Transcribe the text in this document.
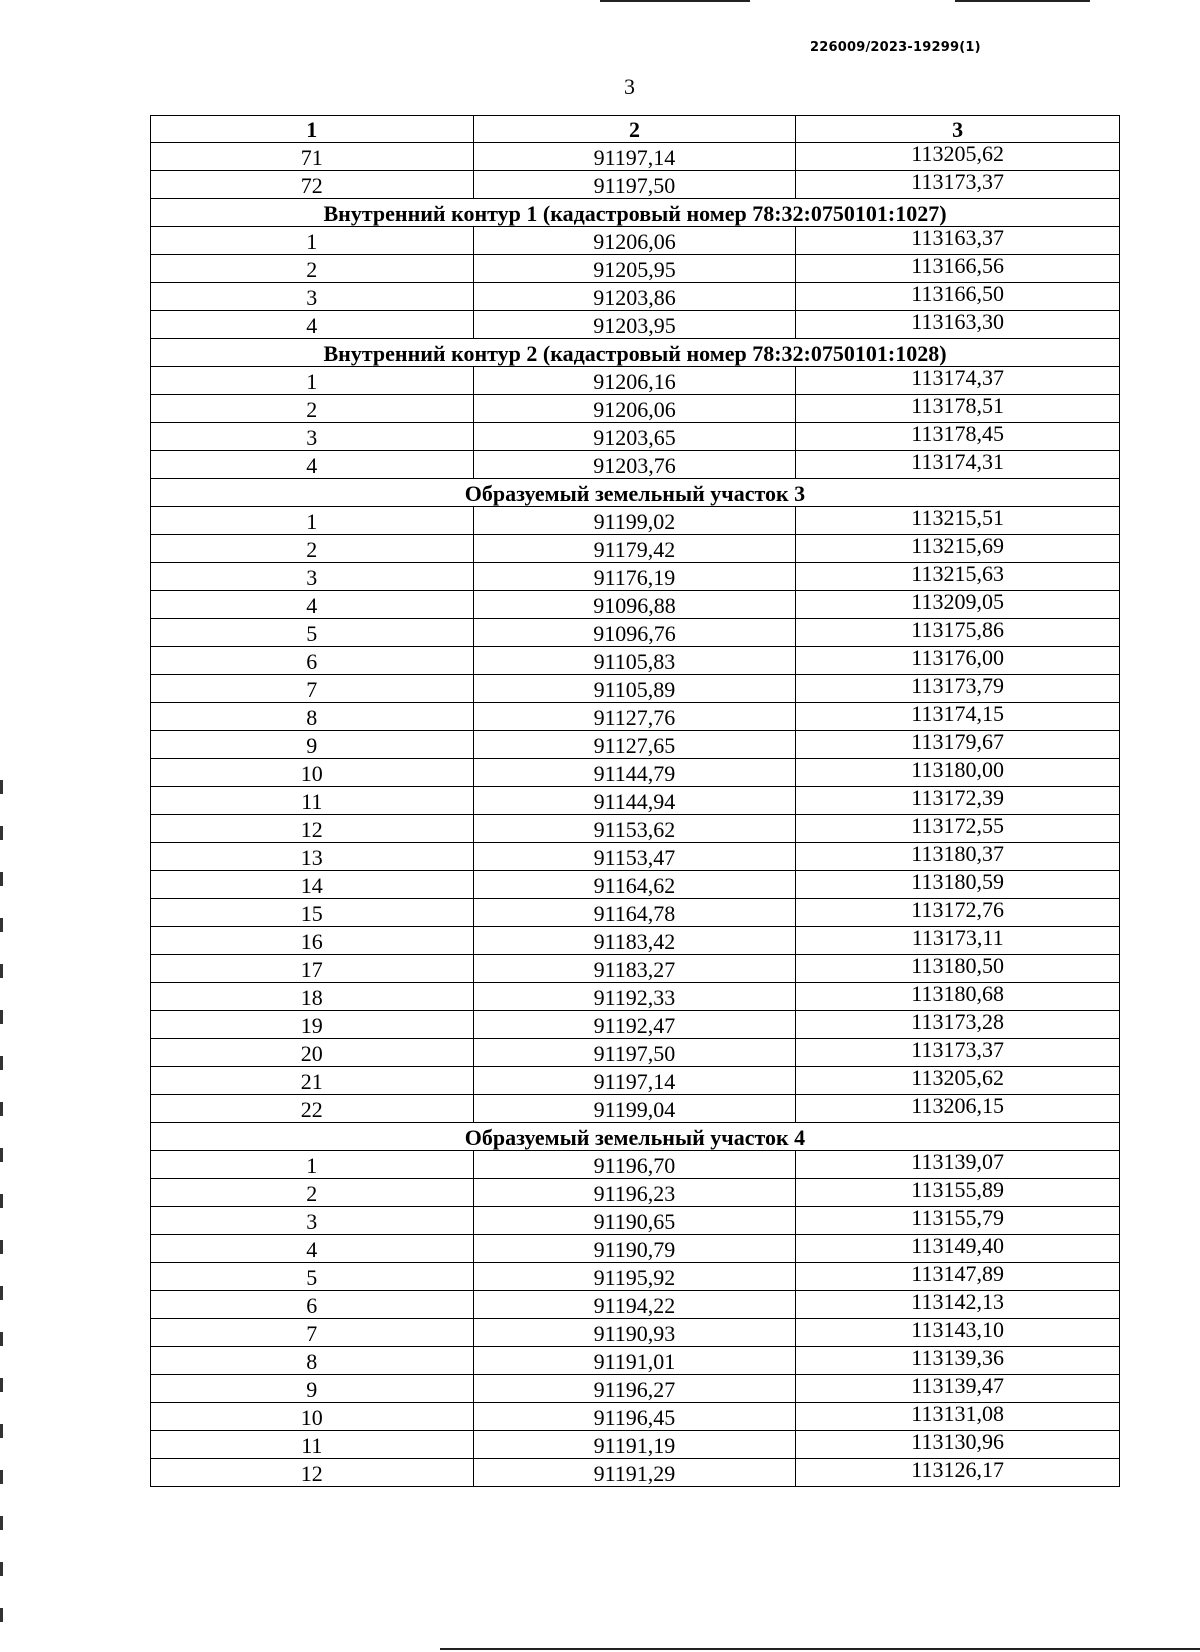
226009/2023-19299(1)
3
1	2	3
71	91197,14	113205,62
72	91197,50	113173,37
Внутренний контур 1 (кадастровый номер 78:32:0750101:1027)		
1	91206,06	113163,37
2	91205,95	113166,56
3	91203,86	113166,50
4	91203,95	113163,30
Внутренний контур 2 (кадастровый номер 78:32:0750101:1028)		
1	91206,16	113174,37
2	91206,06	113178,51
3	91203,65	113178,45
4	91203,76	113174,31
Образуемый земельный участок 3		
1	91199,02	113215,51
2	91179,42	113215,69
3	91176,19	113215,63
4	91096,88	113209,05
5	91096,76	113175,86
6	91105,83	113176,00
7	91105,89	113173,79
8	91127,76	113174,15
9	91127,65	113179,67
10	91144,79	113180,00
11	91144,94	113172,39
12	91153,62	113172,55
13	91153,47	113180,37
14	91164,62	113180,59
15	91164,78	113172,76
16	91183,42	113173,11
17	91183,27	113180,50
18	91192,33	113180,68
19	91192,47	113173,28
20	91197,50	113173,37
21	91197,14	113205,62
22	91199,04	113206,15
Образуемый земельный участок 4		
1	91196,70	113139,07
2	91196,23	113155,89
3	91190,65	113155,79
4	91190,79	113149,40
5	91195,92	113147,89
6	91194,22	113142,13
7	91190,93	113143,10
8	91191,01	113139,36
9	91196,27	113139,47
10	91196,45	113131,08
11	91191,19	113130,96
12	91191,29	113126,17
